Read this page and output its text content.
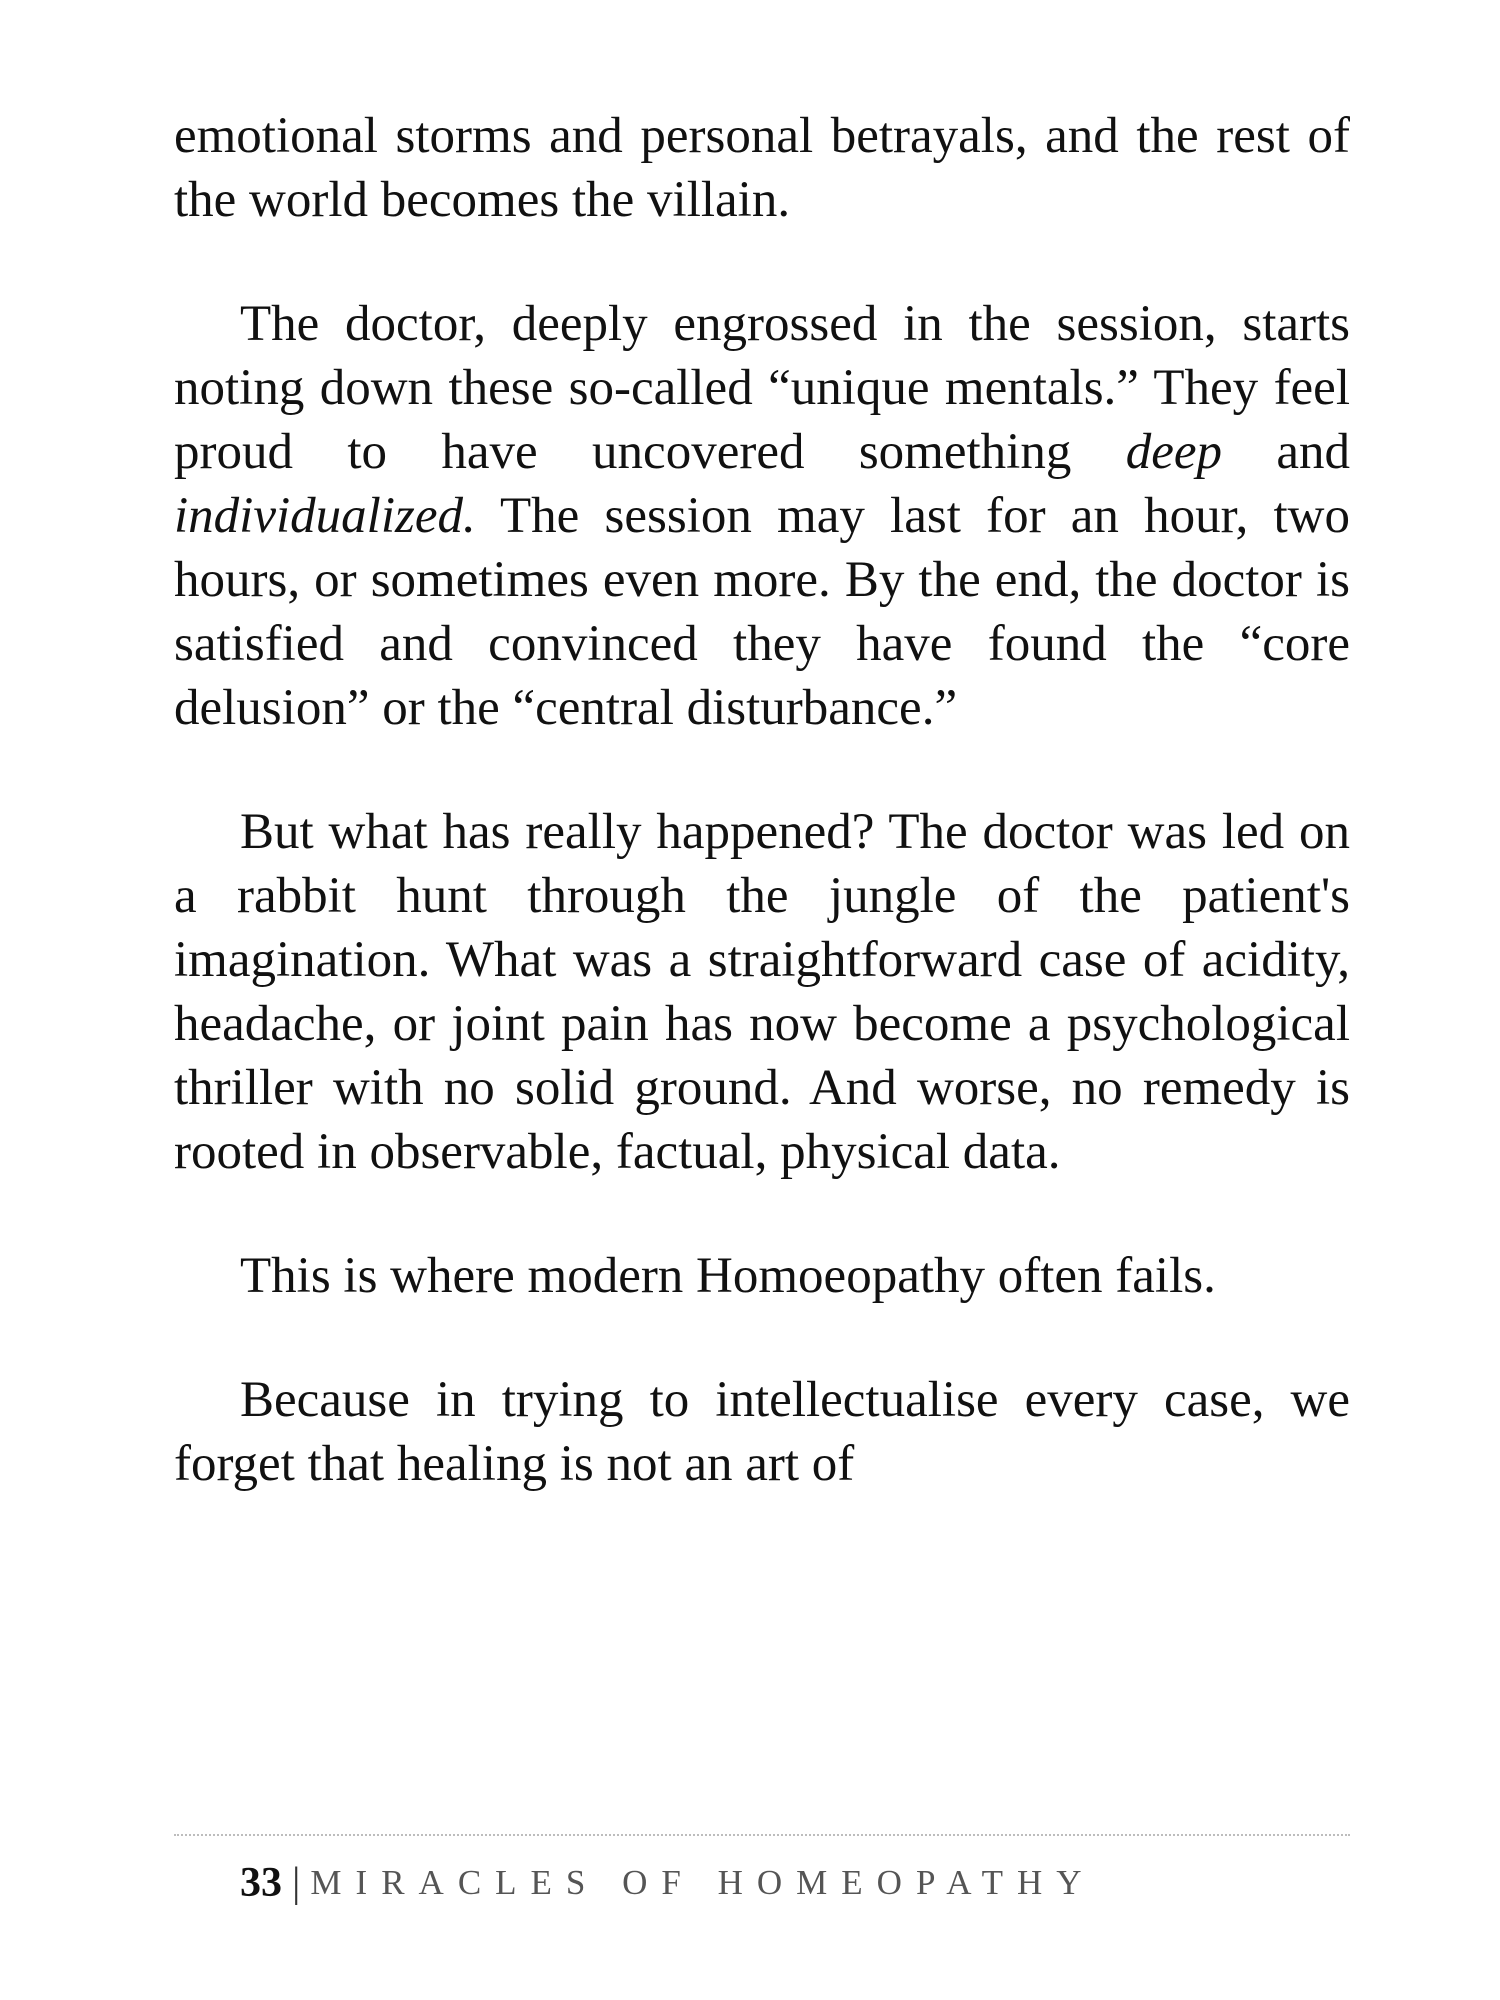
emotional storms and personal betrayals, and the rest of the world becomes the villain.

The doctor, deeply engrossed in the session, starts noting down these so-called “unique mentals.” They feel proud to have uncovered something deep and individualized. The session may last for an hour, two hours, or sometimes even more. By the end, the doctor is satisfied and convinced they have found the “core delusion” or the “central disturbance.”

But what has really happened? The doctor was led on a rabbit hunt through the jungle of the patient's imagination. What was a straightforward case of acidity, headache, or joint pain has now become a psychological thriller with no solid ground. And worse, no remedy is rooted in observable, factual, physical data.

This is where modern Homoeopathy often fails.

Because in trying to intellectualise every case, we forget that healing is not an art of

33 | MIRACLES OF HOMEOPATHY
